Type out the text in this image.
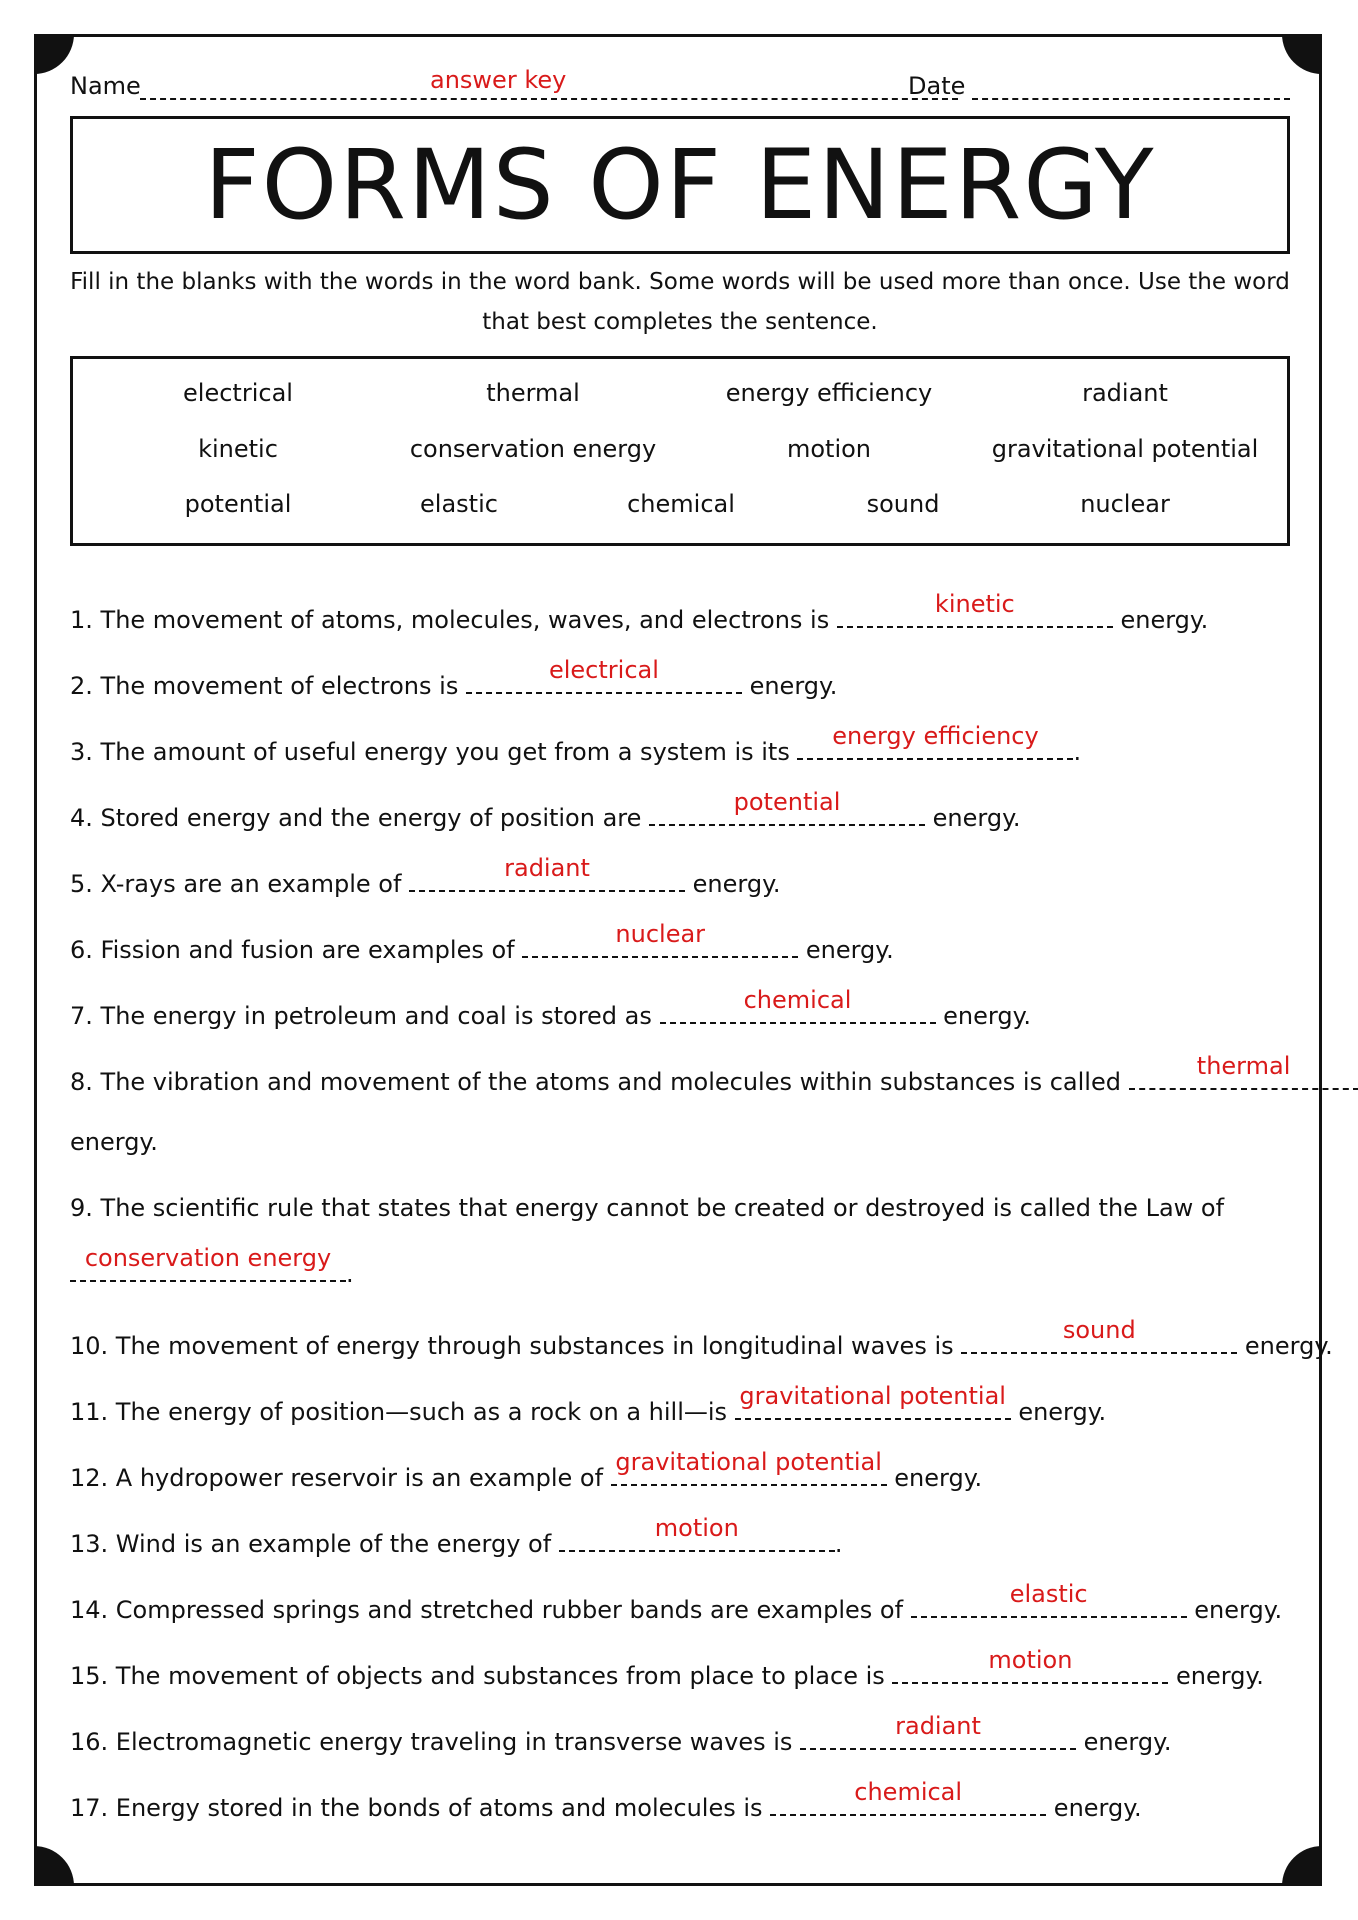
Name	answer key	Date
FORMS OF ENERGY
Fill in the blanks with the words in the word bank. Some words will be used more than once. Use the word that best completes the sentence.
electrical	thermal	energy efficiency	radiant
kinetic	conservation energy	motion	gravitational potential
potential	elastic	chemical	sound	nuclear
1. The movement of atoms, molecules, waves, and electrons is
kinetic
energy.
2. The movement of electrons is
electrical
energy.
3. The amount of useful energy you get from a system is its
energy efficiency
.
4. Stored energy and the energy of position are
potential
energy.
5. X-rays are an example of
radiant
energy.
6. Fission and fusion are examples of
nuclear
energy.
7. The energy in petroleum and coal is stored as
chemical
energy.
8. The vibration and movement of the atoms and molecules within substances is called
thermal
energy.
9. The scientific rule that states that energy cannot be created or destroyed is called the Law of
conservation energy
.
10. The movement of energy through substances in longitudinal waves is
sound
energy.
11. The energy of position—such as a rock on a hill—is
gravitational potential
energy.
12. A hydropower reservoir is an example of
gravitational potential
energy.
13. Wind is an example of the energy of
motion
.
14. Compressed springs and stretched rubber bands are examples of
elastic
energy.
15. The movement of objects and substances from place to place is
motion
energy.
16. Electromagnetic energy traveling in transverse waves is
radiant
energy.
17. Energy stored in the bonds of atoms and molecules is
chemical
energy.
